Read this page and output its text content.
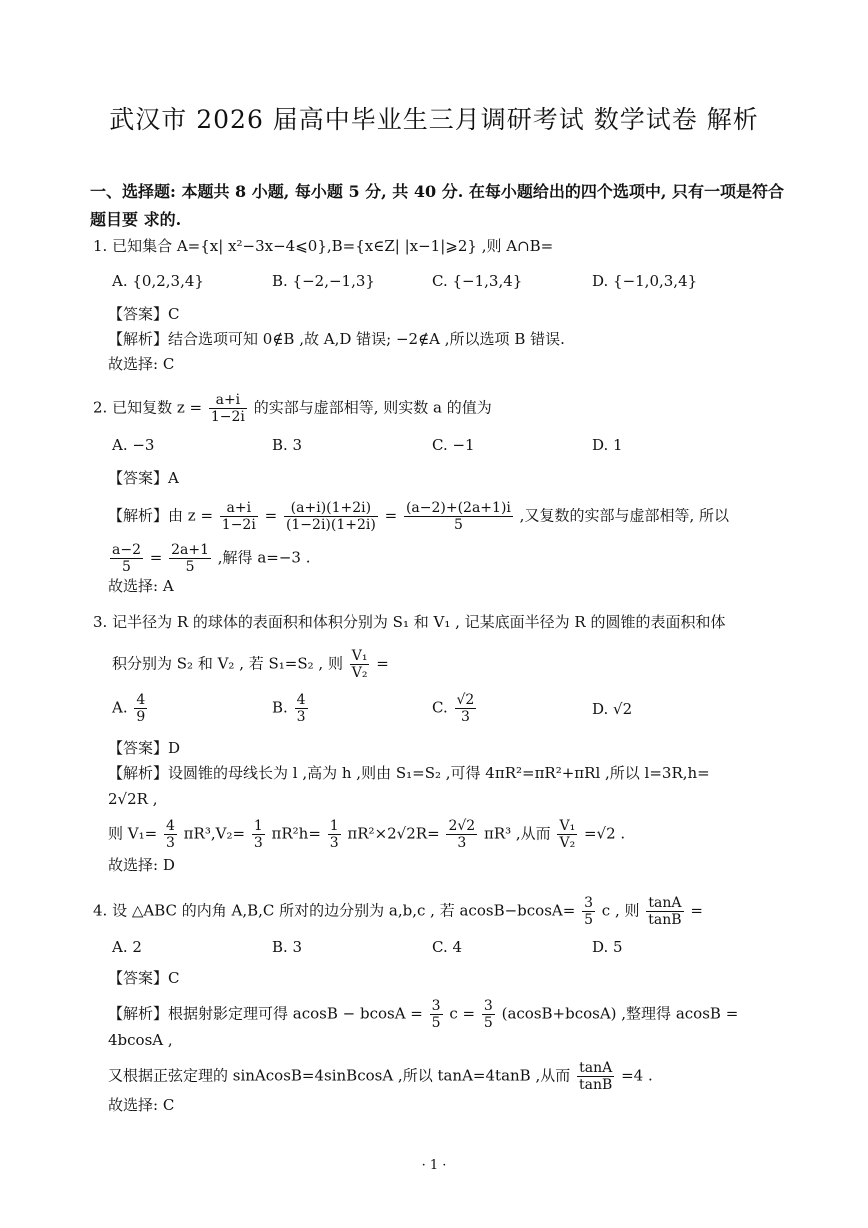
武汉市 2026 届高中毕业生三月调研考试 数学试卷 解析
一、选择题: 本题共 8 小题, 每小题 5 分, 共 40 分. 在每小题给出的四个选项中, 只有一项是符合题目要 求的.
1. 已知集合 A={x| x²−3x−4⩽0},B={x∈Z| |x−1|⩾2} ,则 A∩B=
A. {0,2,3,4}	B. {−2,−1,3}	C. {−1,3,4}	D. {−1,0,3,4}
【答案】C
【解析】结合选项可知 0∉B ,故 A,D 错误; −2∉A ,所以选项 B 错误.
故选择: C
2. 已知复数 $z = \frac{a+i}{1-2i}$ 的实部与虚部相等, 则实数 a 的值为
A. −3	B. 3	C. −1	D. 1
【答案】A
【解析】由 $z = \frac{a+i}{1-2i} = \frac{(a+i)(1+2i)}{(1-2i)(1+2i)} = \frac{(a-2)+(2a+1)i}{5}$ ,又复数的实部与虚部相等, 所以
$\frac{a-2}{5} = \frac{2a+1}{5}$ ,解得 a=−3 .
故选择: A
3. 记半径为 R 的球体的表面积和体积分别为 S₁ 和 V₁ , 记某底面半径为 R 的圆锥的表面积和体
积分别为 S₂ 和 V₂ , 若 S₁=S₂ , 则 $\frac{\text{V₁}}{\text{V₂}}$ =
A. $\frac{4}{9}$	B. $\frac{4}{3}$	C. $\frac{√2}{3}$	D. √2
【答案】D
【解析】设圆锥的母线长为 l ,高为 h ,则由 S₁=S₂ ,可得 4πR²=πR²+πRl ,所以 l=3R,h=
2√2R ,
则 $V_1= \frac{4}{3} \pi R^3,V_2= \frac{1}{3} \pi R^2h= \frac{1}{3} \pi R^2\times 2√2R= \frac{2√2}{3} \pi R^3$ ,从而 $\frac{\text{V₁}}{\text{V₂}} =√2$ .
故选择: D
4. 设 △ABC 的内角 A,B,C 所对的边分别为 a,b,c , 若 $acosB-bcosA= \frac{3}{5}$ c , 则 $\frac{\tan A}{\tan B}$ =
A. 2	B. 3	C. 4	D. 5
【答案】C
【解析】根据射影定理可得 $acosB - bcosA = \frac{3}{5}$ $c = \frac{3}{5} (acosB+bcosA)$ ,整理得 acosB =
4bcosA ,
又根据正弦定理的 sinAcosB=4sinBcosA ,所以 tanA=4tanB ,从而 $\frac{\tan A}{\tan B} =4$ .
故选择: C
· 1 ·
